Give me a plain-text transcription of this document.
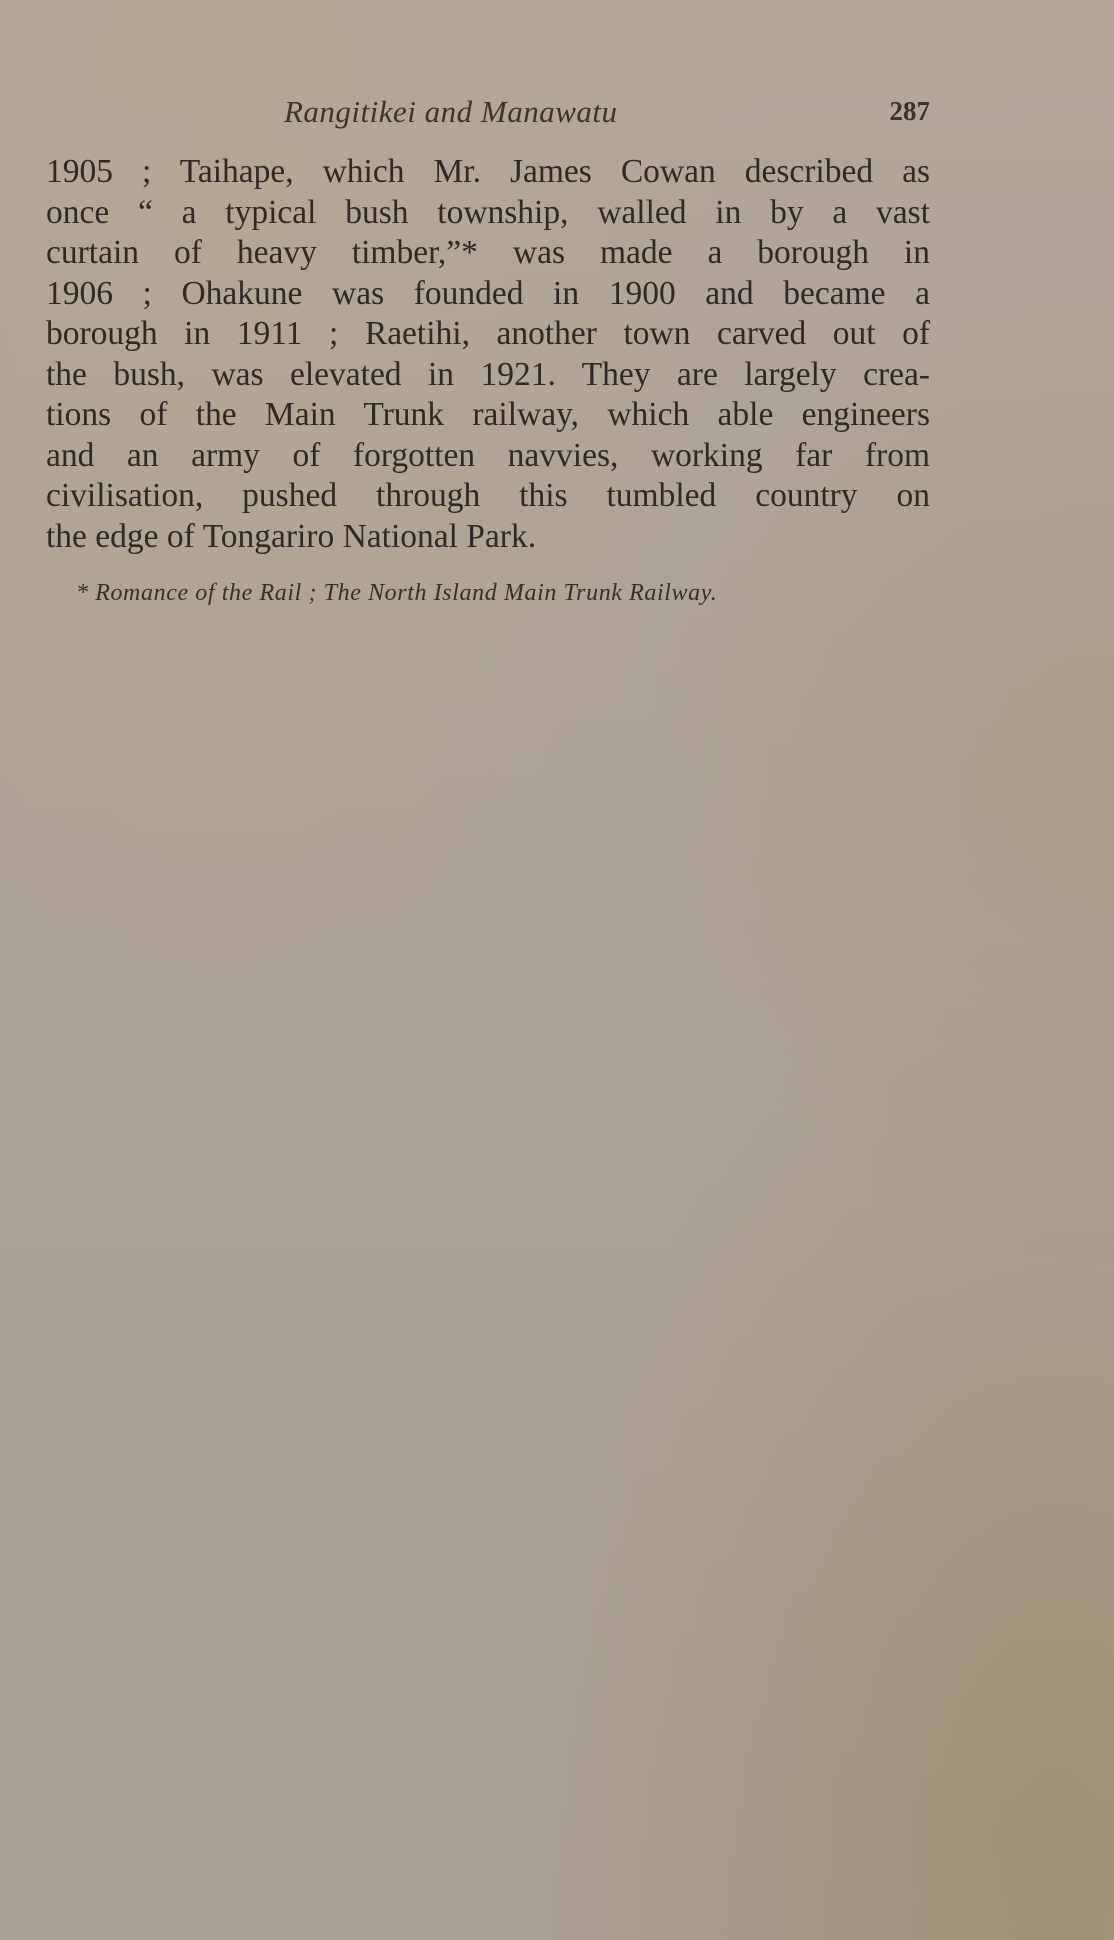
Rangitikei and Manawatu	287
1905 ; Taihape, which Mr. James Cowan described as
once “ a typical bush township, walled in by a vast
curtain of heavy timber,”* was made a borough in
1906 ; Ohakune was founded in 1900 and became a
borough in 1911 ; Raetihi, another town carved out of
the bush, was elevated in 1921. They are largely crea-
tions of the Main Trunk railway, which able engineers
and an army of forgotten navvies, working far from
civilisation, pushed through this tumbled country on
the edge of Tongariro National Park.
* Romance of the Rail ; The North Island Main Trunk Railway.
